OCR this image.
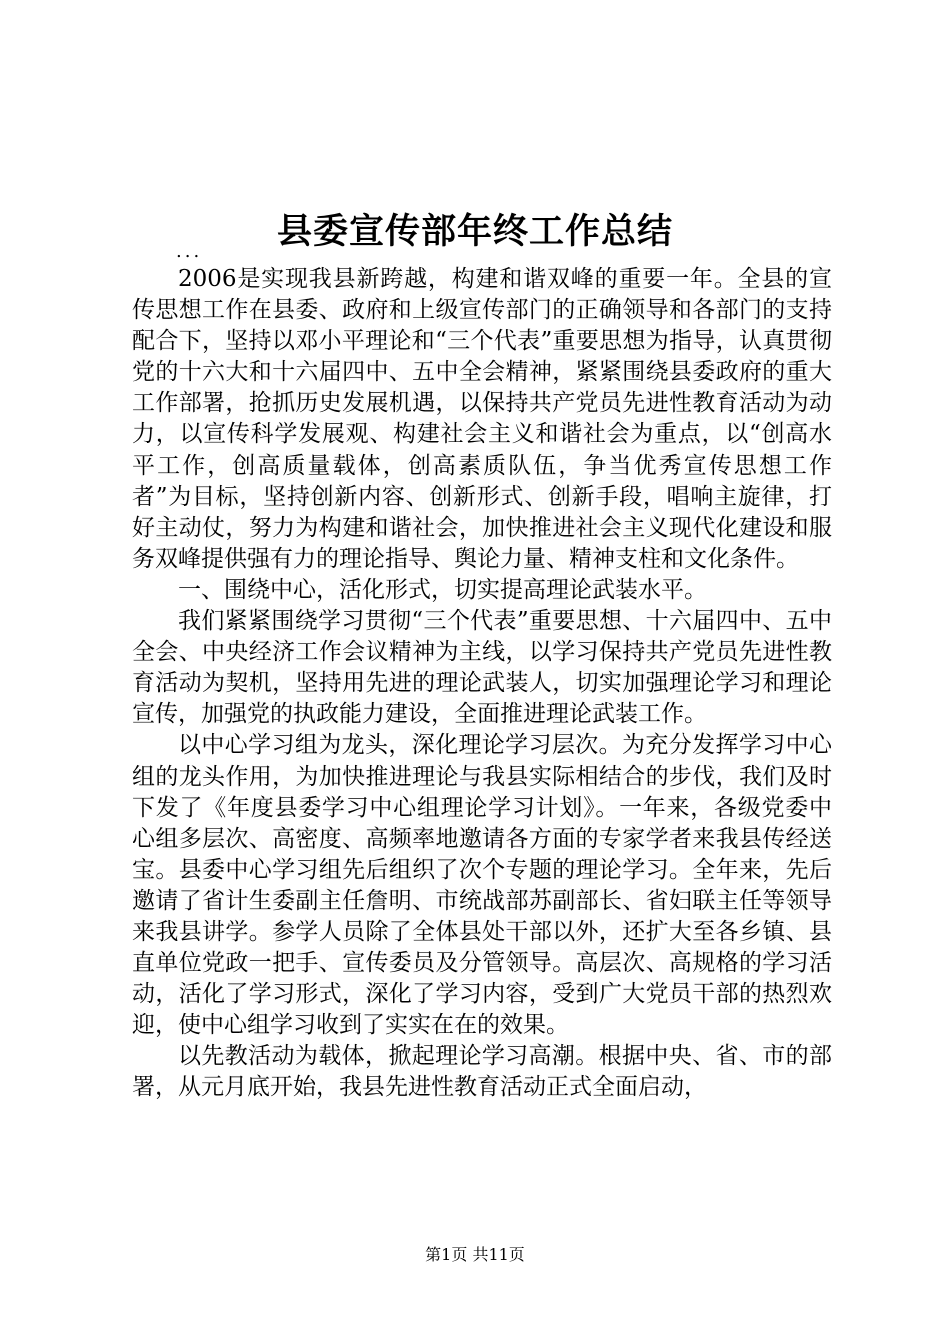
县委宣传部年终工作总结
...

2006是实现我县新跨越，构建和谐双峰的重要一年。全县的宣传思想工作在县委、政府和上级宣传部门的正确领导和各部门的支持配合下，坚持以邓小平理论和“三个代表”重要思想为指导，认真贯彻党的十六大和十六届四中、五中全会精神，紧紧围绕县委政府的重大工作部署，抢抓历史发展机遇，以保持共产党员先进性教育活动为动力，以宣传科学发展观、构建社会主义和谐社会为重点，以“创高水平工作，创高质量载体，创高素质队伍，争当优秀宣传思想工作者”为目标，坚持创新内容、创新形式、创新手段，唱响主旋律，打好主动仗，努力为构建和谐社会，加快推进社会主义现代化建设和服务双峰提供强有力的理论指导、舆论力量、精神支柱和文化条件。

一、围绕中心，活化形式，切实提高理论武装水平。

我们紧紧围绕学习贯彻“三个代表”重要思想、十六届四中、五中全会、中央经济工作会议精神为主线，以学习保持共产党员先进性教育活动为契机，坚持用先进的理论武装人，切实加强理论学习和理论宣传，加强党的执政能力建设，全面推进理论武装工作。

以中心学习组为龙头，深化理论学习层次。为充分发挥学习中心组的龙头作用，为加快推进理论与我县实际相结合的步伐，我们及时下发了《年度县委学习中心组理论学习计划》。一年来，各级党委中心组多层次、高密度、高频率地邀请各方面的专家学者来我县传经送宝。县委中心学习组先后组织了次个专题的理论学习。全年来，先后邀请了省计生委副主任詹明、市统战部苏副部长、省妇联主任等领导来我县讲学。参学人员除了全体县处干部以外，还扩大至各乡镇、县直单位党政一把手、宣传委员及分管领导。高层次、高规格的学习活动，活化了学习形式，深化了学习内容，受到广大党员干部的热烈欢迎，使中心组学习收到了实实在在的效果。

以先教活动为载体，掀起理论学习高潮。根据中央、省、市的部署，从元月底开始，我县先进性教育活动正式全面启动，

第1页 共11页
